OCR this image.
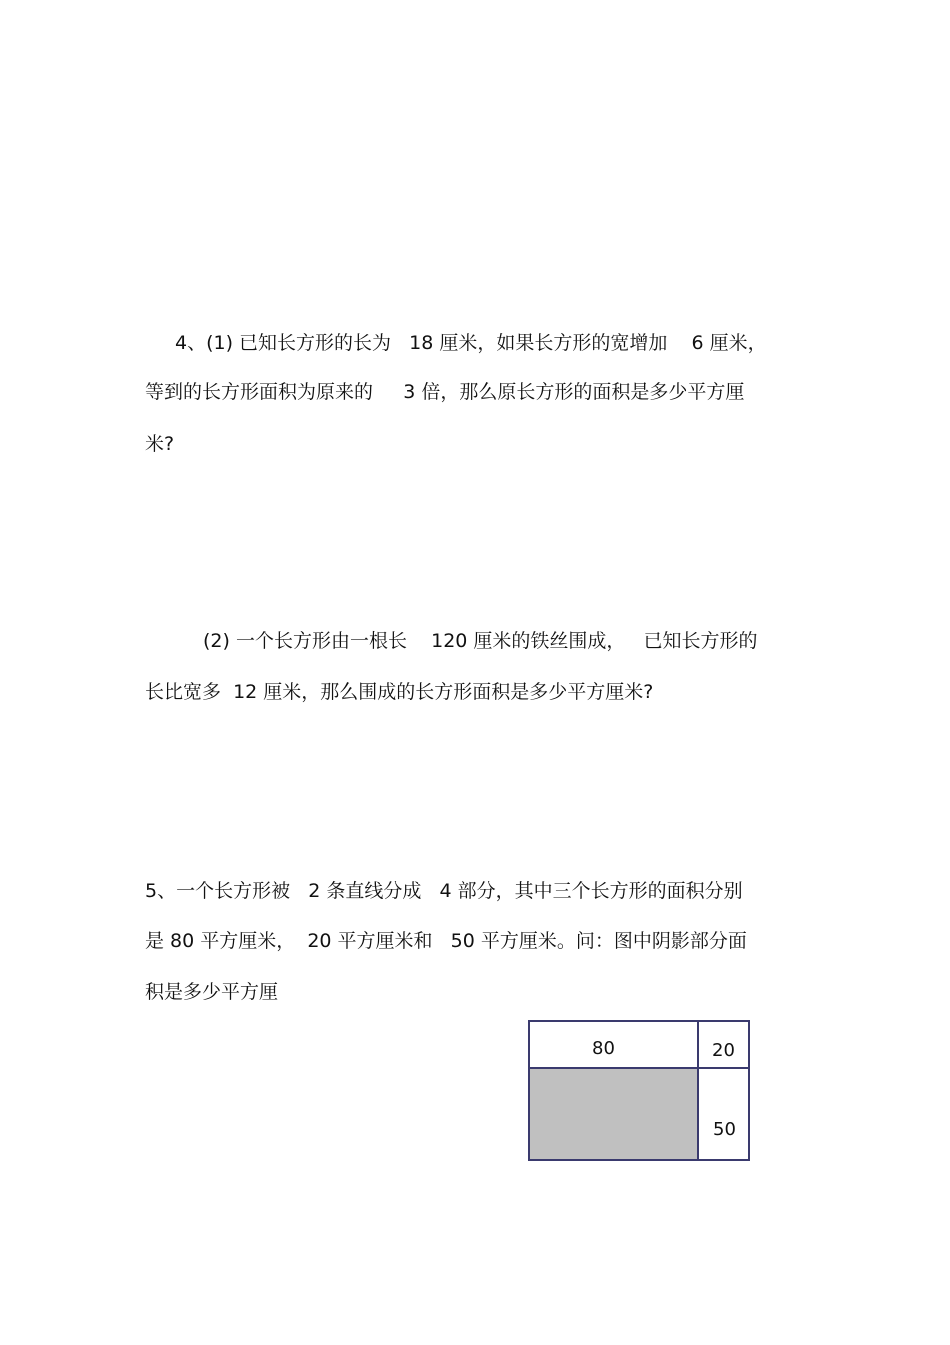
4、(1) 已知长方形的长为   18 厘米，如果长方形的宽增加    6 厘米，
等到的长方形面积为原来的     3 倍，那么原长方形的面积是多少平方厘
米?
(2) 一个长方形由一根长    120 厘米的铁丝围成，   已知长方形的
长比宽多  12 厘米，那么围成的长方形面积是多少平方厘米?
5、一个长方形被   2 条直线分成   4 部分，其中三个长方形的面积分别
是 80 平方厘米，  20 平方厘米和   50 平方厘米。问：图中阴影部分面
积是多少平方厘
80	20
50
